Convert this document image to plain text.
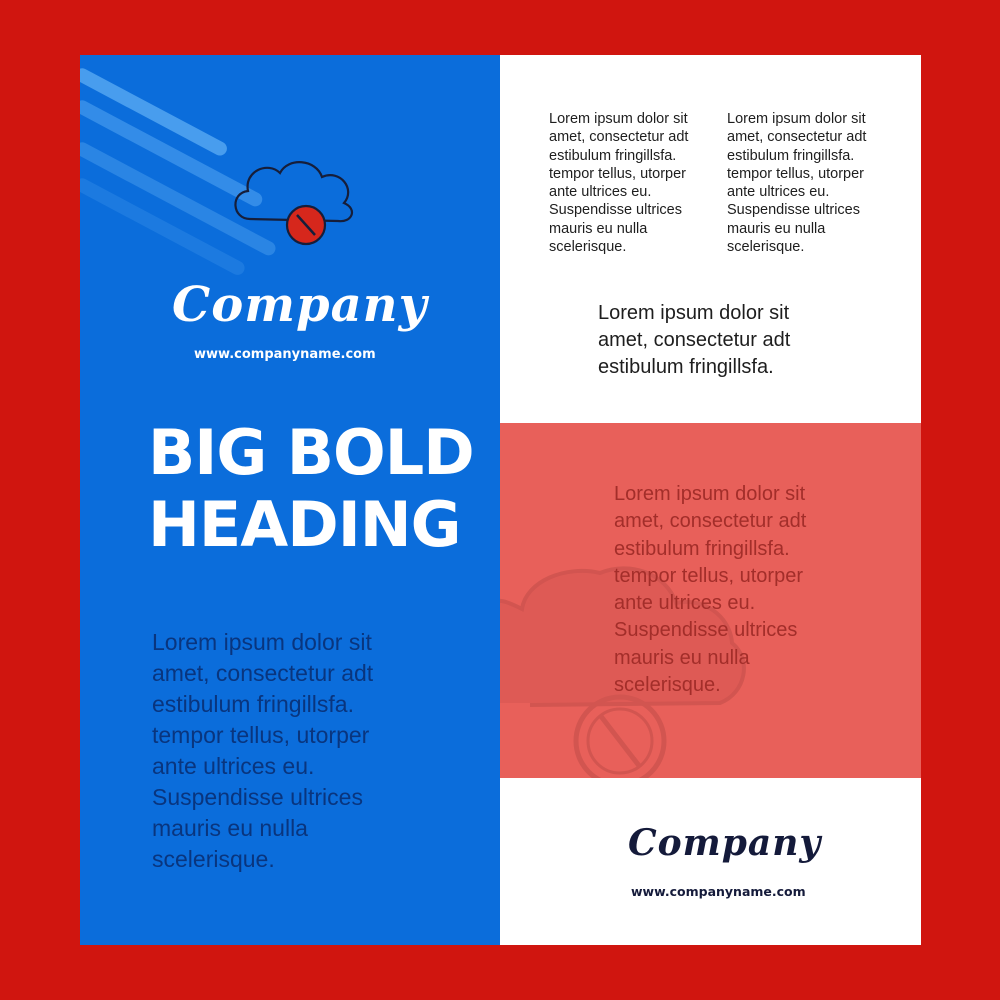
Company
www.companyname.com
BIG BOLD HEADING

Lorem ipsum dolor sit
amet, consectetur adt
estibulum fringillsfa.
tempor tellus, utorper
ante ultrices eu.
Suspendisse ultrices
mauris eu nulla
scelerisque.

Lorem ipsum dolor sit
amet, consectetur adt
estibulum fringillsfa.
tempor tellus, utorper
ante ultrices eu.
Suspendisse ultrices
mauris eu nulla
scelerisque.

Lorem ipsum dolor sit
amet, consectetur adt
estibulum fringillsfa.
tempor tellus, utorper
ante ultrices eu.
Suspendisse ultrices
mauris eu nulla
scelerisque.

Lorem ipsum dolor sit
amet, consectetur adt
estibulum fringillsfa.

Lorem ipsum dolor sit
amet, consectetur adt
estibulum fringillsfa.
tempor tellus, utorper
ante ultrices eu.
Suspendisse ultrices
mauris eu nulla
scelerisque.

Company
www.companyname.com
